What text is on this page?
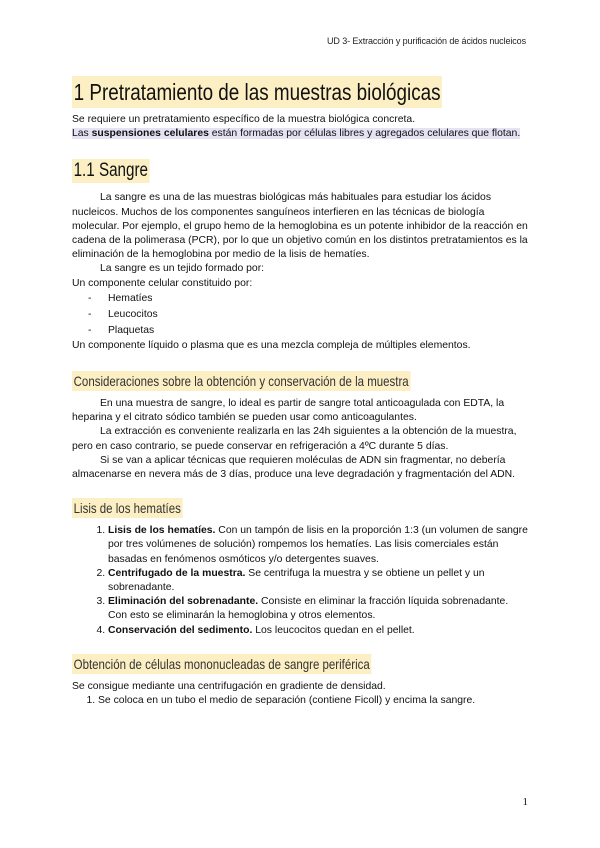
UD 3- Extracción y purificación de ácidos nucleicos
1 Pretratamiento de las muestras biológicas

Se requiere un pretratamiento específico de la muestra biológica concreta.

Las suspensiones celulares están formadas por células libres y agregados celulares que flotan.

1.1 Sangre

La sangre es una de las muestras biológicas más habituales para estudiar los ácidos nucleicos. Muchos de los componentes sanguíneos interfieren en las técnicas de biología molecular. Por ejemplo, el grupo hemo de la hemoglobina es un potente inhibidor de la reacción en cadena de la polimerasa (PCR), por lo que un objetivo común en los distintos pretratamientos es la eliminación de la hemoglobina por medio de la lisis de hematíes.

La sangre es un tejido formado por:

Un componente celular constituido por:

- Hematíes
- Leucocitos
- Plaquetas

Un componente líquido o plasma que es una mezcla compleja de múltiples elementos.

Consideraciones sobre la obtención y conservación de la muestra

En una muestra de sangre, lo ideal es partir de sangre total anticoagulada con EDTA, la heparina y el citrato sódico también se pueden usar como anticoagulantes.

La extracción es conveniente realizarla en las 24h siguientes a la obtención de la muestra, pero en caso contrario, se puede conservar en refrigeración a 4ºC durante 5 días.

Si se van a aplicar técnicas que requieren moléculas de ADN sin fragmentar, no debería almacenarse en nevera más de 3 días, produce una leve degradación y fragmentación del ADN.

Lisis de los hematíes
1. Lisis de los hematíes. Con un tampón de lisis en la proporción 1:3 (un volumen de sangre por tres volúmenes de solución) rompemos los hematíes. Las lisis comerciales están basadas en fenómenos osmóticos y/o detergentes suaves.
2. Centrifugado de la muestra. Se centrifuga la muestra y se obtiene un pellet y un sobrenadante.
3. Eliminación del sobrenadante. Consiste en eliminar la fracción líquida sobrenadante. Con esto se eliminarán la hemoglobina y otros elementos.
4. Conservación del sedimento. Los leucocitos quedan en el pellet.
Obtención de células mononucleadas de sangre periférica

Se consigue mediante una centrifugación en gradiente de densidad.

1. Se coloca en un tubo el medio de separación (contiene Ficoll) y encima la sangre.
1
